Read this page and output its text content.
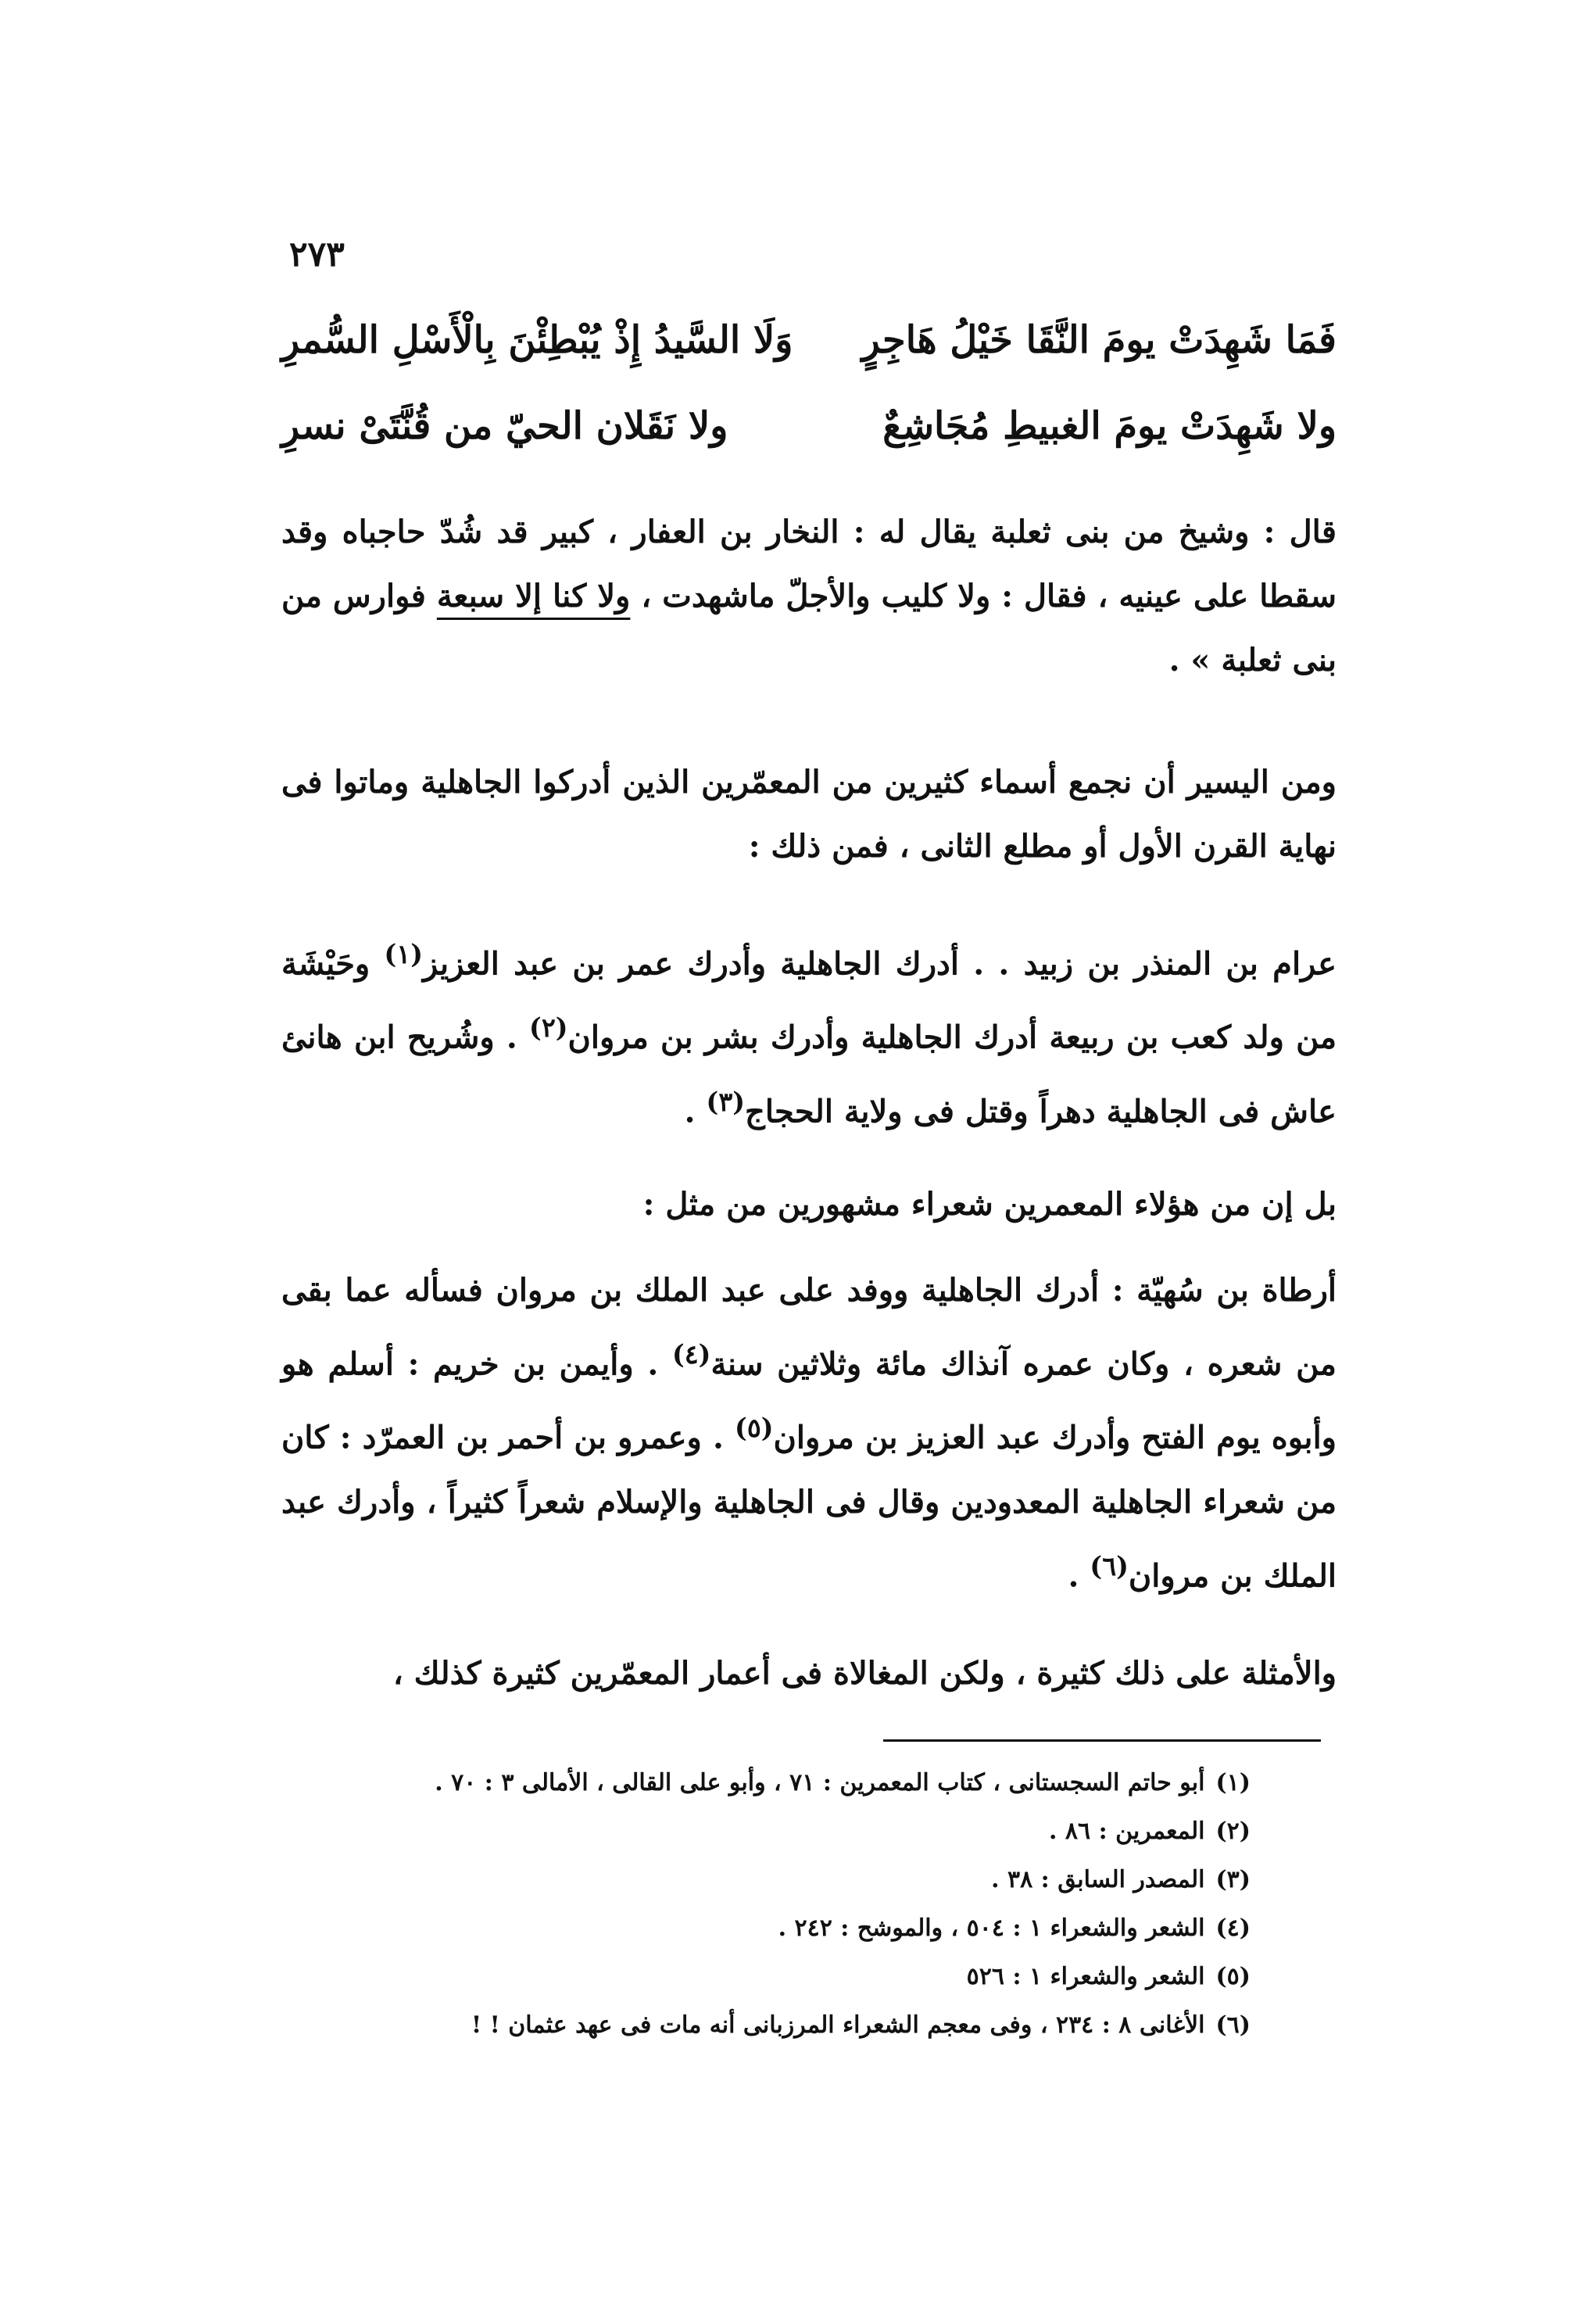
٢٧٣
فَمَا شَهِدَتْ يومَ النَّقَا خَيْلُ هَاجِرٍ
وَلَا السَّيدُ إِذْ يُبْطِئْنَ بِالْأَسْلِ السُّمرِ
ولا شَهِدَتْ يومَ الغبيطِ مُجَاشِعٌ
ولا نَقَلان الحيّ من قُنَّتَىْ نسرِ
قال : وشيخ من بنى ثعلبة يقال له : النخار بن العفار ، كبير قد شُدّ حاجباه وقد سقطا على عينيه ، فقال : ولا كليب والأجلّ ماشهدت ، ولا كنا إلا سبعة فوارس من بنى ثعلبة » .
ومن اليسير أن نجمع أسماء كثيرين من المعمّرين الذين أدركوا الجاهلية وماتوا فى نهاية القرن الأول أو مطلع الثانى ، فمن ذلك :
عرام بن المنذر بن زبيد . . أدرك الجاهلية وأدرك عمر بن عبد العزيز$^{(١)}$ وحَيْشَة من ولد كعب بن ربيعة أدرك الجاهلية وأدرك بشر بن مروان$^{(٢)}$ . وشُريح ابن هانئ عاش فى الجاهلية دهراً وقتل فى ولاية الحجاج$^{(٣)}$ .
بل إن من هؤلاء المعمرين شعراء مشهورين من مثل :
أرطاة بن سُهيّة : أدرك الجاهلية ووفد على عبد الملك بن مروان فسأله عما بقى من شعره ، وكان عمره آنذاك مائة وثلاثين سنة$^{(٤)}$ . وأيمن بن خريم : أسلم هو وأبوه يوم الفتح وأدرك عبد العزيز بن مروان$^{(٥)}$ . وعمرو بن أحمر بن العمرّد : كان من شعراء الجاهلية المعدودين وقال فى الجاهلية والإسلام شعراً كثيراً ، وأدرك عبد الملك بن مروان$^{(٦)}$ .
والأمثلة على ذلك كثيرة ، ولكن المغالاة فى أعمار المعمّرين كثيرة كذلك ،
(١)أبو حاتم السجستانى ، كتاب المعمرين : ٧١ ، وأبو على القالى ، الأمالى ٣ : ٧٠ .
(٢)المعمرين : ٨٦ .
(٣)المصدر السابق : ٣٨ .
(٤)الشعر والشعراء ١ : ٥٠٤ ، والموشح : ٢٤٢ .
(٥)الشعر والشعراء ١ : ٥٢٦
(٦)الأغانى ٨ : ٢٣٤ ، وفى معجم الشعراء المرزبانى أنه مات فى عهد عثمان ! !
